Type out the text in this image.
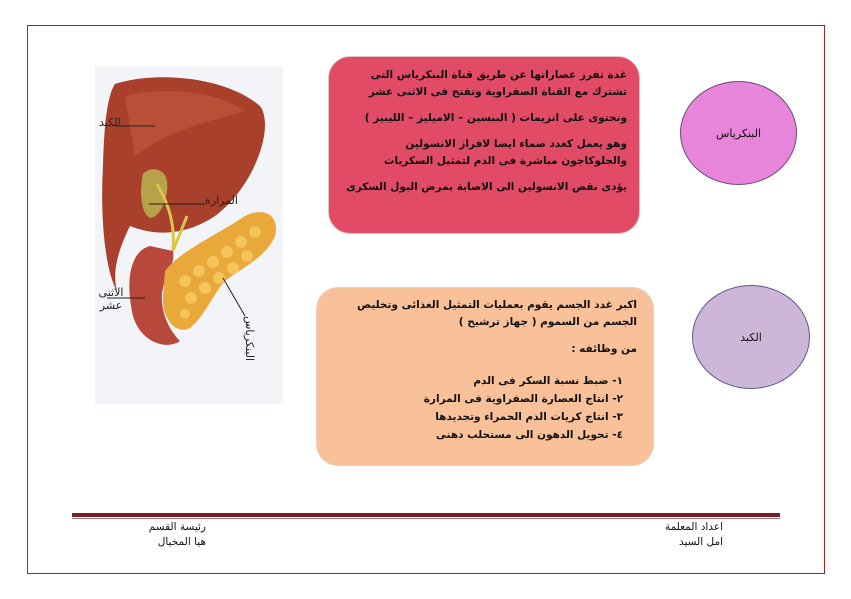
الكبد
المرارة
الاثنى عشر
البنكرياس

غدة تفرز عصاراتها عن طريق قناة البنكرياس التى تشترك مع القناة الصفراوية وتفتح فى الاثنى عشر

وتحتوى على انزيمات ( الببسين – الاميليز – الليبيز )

وهو يعمل كغدد صماء ايضا لافراز الانسولين والجلوكاجون مباشرة فى الدم لتمثيل السكريات

يؤدى نقص الانسولين الى الاصابة بمرض البول السكرى

البنكرياس

اكبر غدد الجسم يقوم بعمليات التمثيل الغذائى وتخليص الجسم من السموم ( جهاز ترشيح )

من وظائفه :

١- ضبط نسبة السكر فى الدم
٢- انتاج العصارة الصفراوية فى المرارة
٣- انتاج كريات الدم الحمراء وتجديدها
٤- تحويل الدهون الى مستحلب دهنى
الكبد
اعداد المعلمة
امل السيد
رئيسة القسم
هيا المخيال
